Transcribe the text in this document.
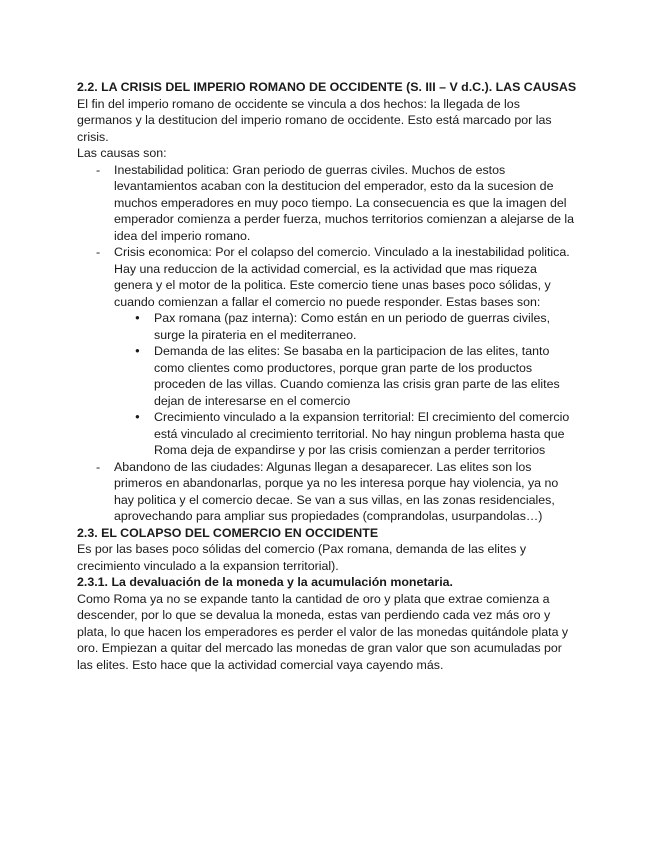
2.2. LA CRISIS DEL IMPERIO ROMANO DE OCCIDENTE (S. III – V d.C.). LAS CAUSAS

El fin del imperio romano de occidente se vincula a dos hechos: la llegada de los germanos y la destitucion del imperio romano de occidente. Esto está marcado por las crisis.

Las causas son:

- Inestabilidad politica: Gran periodo de guerras civiles. Muchos de estos levantamientos acaban con la destitucion del emperador, esto da la sucesion de muchos emperadores en muy poco tiempo. La consecuencia es que la imagen del emperador comienza a perder fuerza, muchos territorios comienzan a alejarse de la idea del imperio romano.
- Crisis economica: Por el colapso del comercio. Vinculado a la inestabilidad politica. Hay una reduccion de la actividad comercial, es la actividad que mas riqueza genera y el motor de la politica. Este comercio tiene unas bases poco sólidas, y cuando comienzan a fallar el comercio no puede responder. Estas bases son:
● Pax romana (paz interna): Como están en un periodo de guerras civiles, surge la pirateria en el mediterraneo.
● Demanda de las elites: Se basaba en la participacion de las elites, tanto como clientes como productores, porque gran parte de los productos proceden de las villas. Cuando comienza las crisis gran parte de las elites dejan de interesarse en el comercio
● Crecimiento vinculado a la expansion territorial: El crecimiento del comercio está vinculado al crecimiento territorial. No hay ningun problema hasta que Roma deja de expandirse y por las crisis comienzan a perder territorios
- Abandono de las ciudades: Algunas llegan a desaparecer. Las elites son los primeros en abandonarlas, porque ya no les interesa porque hay violencia, ya no hay politica y el comercio decae. Se van a sus villas, en las zonas residenciales, aprovechando para ampliar sus propiedades (comprandolas, usurpandolas…)

2.3. EL COLAPSO DEL COMERCIO EN OCCIDENTE

Es por las bases poco sólidas del comercio (Pax romana, demanda de las elites y crecimiento vinculado a la expansion territorial).

2.3.1. La devaluación de la moneda y la acumulación monetaria.

Como Roma ya no se expande tanto la cantidad de oro y plata que extrae comienza a descender, por lo que se devalua la moneda, estas van perdiendo cada vez más oro y plata, lo que hacen los emperadores es perder el valor de las monedas quitándole plata y oro. Empiezan a quitar del mercado las monedas de gran valor que son acumuladas por las elites. Esto hace que la actividad comercial vaya cayendo más.
